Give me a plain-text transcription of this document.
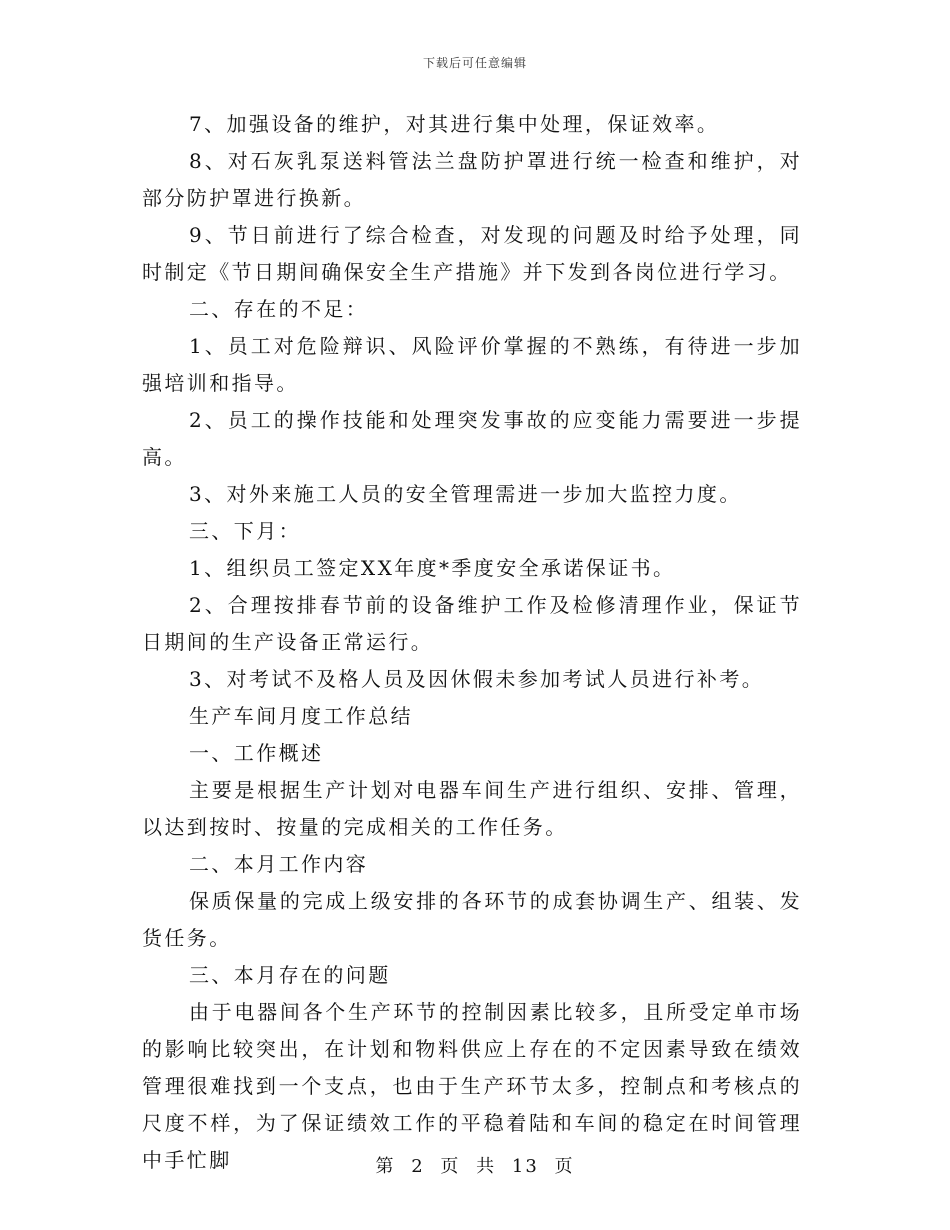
下载后可任意编辑

7、加强设备的维护，对其进行集中处理，保证效率。

8、对石灰乳泵送料管法兰盘防护罩进行统一检查和维护，对部分防护罩进行换新。

9、节日前进行了综合检查，对发现的问题及时给予处理，同时制定《节日期间确保安全生产措施》并下发到各岗位进行学习。

二、存在的不足：

1、员工对危险辩识、风险评价掌握的不熟练，有待进一步加强培训和指导。

2、员工的操作技能和处理突发事故的应变能力需要进一步提高。

3、对外来施工人员的安全管理需进一步加大监控力度。

三、下月：

1、组织员工签定XX年度*季度安全承诺保证书。

2、合理按排春节前的设备维护工作及检修清理作业，保证节日期间的生产设备正常运行。

3、对考试不及格人员及因休假未参加考试人员进行补考。

生产车间月度工作总结

一、工作概述

主要是根据生产计划对电器车间生产进行组织、安排、管理，以达到按时、按量的完成相关的工作任务。

二、本月工作内容

保质保量的完成上级安排的各环节的成套协调生产、组装、发货任务。

三、本月存在的问题

由于电器间各个生产环节的控制因素比较多，且所受定单市场的影响比较突出，在计划和物料供应上存在的不定因素导致在绩效管理很难找到一个支点，也由于生产环节太多，控制点和考核点的尺度不样，为了保证绩效工作的平稳着陆和车间的稳定在时间管理中手忙脚	第 2 页 共 13 页
